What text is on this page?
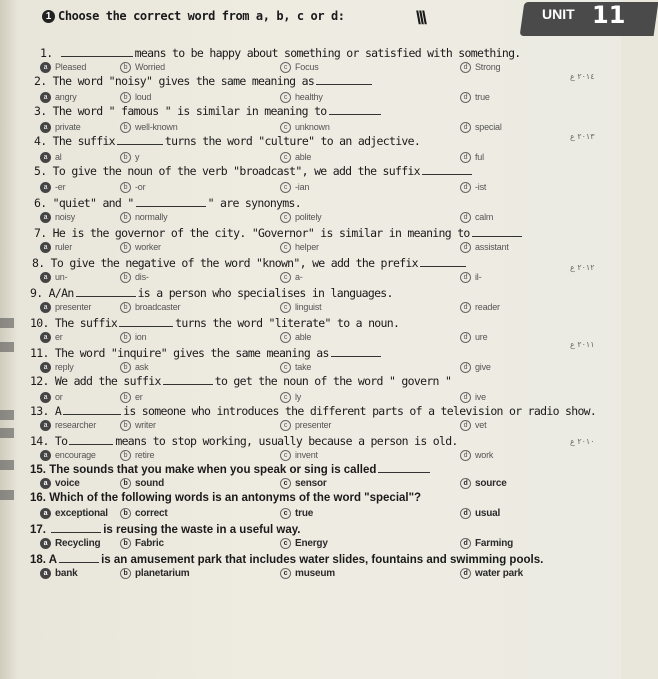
1 Choose the correct word from a, b, c or d:	\\\	UNIT 11
1.	means to be happy about something or satisfied with something.
a Pleased	b Worried	c Focus	d Strong
2. The word "noisy" gives the same meaning as
a angry	b loud	c healthy	d true
3. The word " famous " is similar in meaning to
a private	b well-known	c unknown	d special
4. The suffix	turns the word "culture" to an adjective.
a al	b y	c able	d ful
5. To give the noun of the verb "broadcast", we add the suffix
a -er	b -or	c -ian	d -ist
6. "quiet" and "	" are synonyms.
a noisy	b normally	c politely	d calm
7. He is the governor of the city. "Governor" is similar in meaning to
a ruler	b worker	c helper	d assistant
8. To give the negative of the word "known", we add the prefix
a un-	b dis-	c a-	d il-
9. A/An	is a person who specialises in languages.
a presenter	b broadcaster	c linguist	d reader
10. The suffix	turns the word "literate" to a noun.
a er	b ion	c able	d ure
11. The word "inquire" gives the same meaning as
a reply	b ask	c take	d give
12. We add the suffix	to get the noun of the word " govern "
a or	b er	c ly	d ive
13. A	is someone who introduces the different parts of a television or radio show.
a researcher	b writer	c presenter	d vet
14. To	means to stop working, usually because a person is old.
a encourage	b retire	c invent	d work
15. The sounds that you make when you speak or sing is called
a voice	b sound	c sensor	d source
16. Which of the following words is an antonyms of the word "special"?
a exceptional	b correct	c true	d usual
17.	is reusing the waste in a useful way.
a Recycling	b Fabric	c Energy	d Farming
18. A	is an amusement park that includes water slides, fountains and swimming pools.
a bank	b planetarium	c museum	d water park
٢٠١٤ ع
٢٠١٣ ع
٢٠١٢ ع
٢٠١١ ع
٢٠١٠ ع
